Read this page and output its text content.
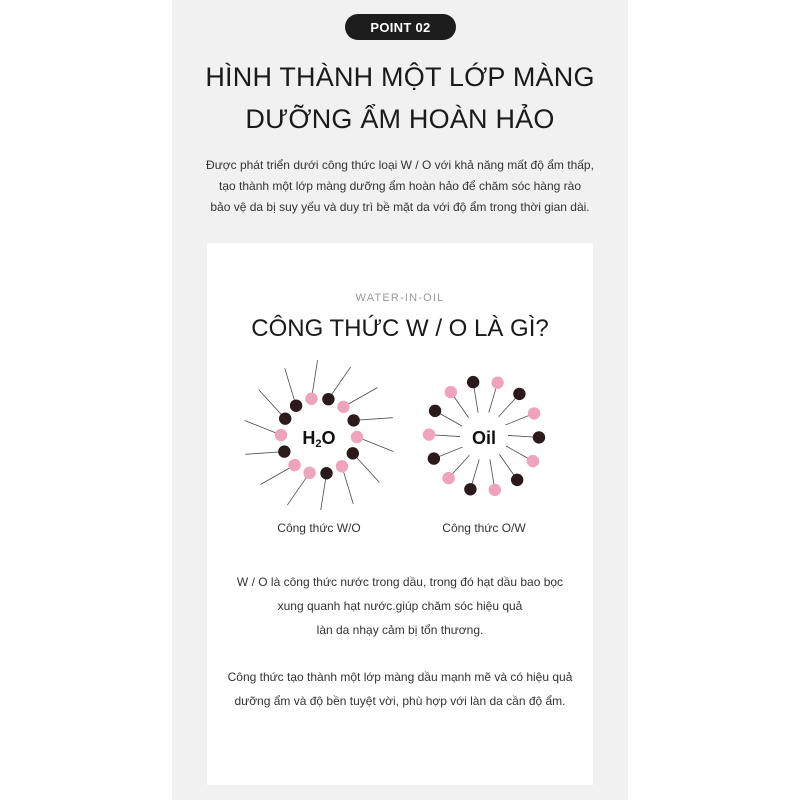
POINT 02
HÌNH THÀNH MỘT LỚP MÀNG
DƯỠNG ẨM HOÀN HẢO
Được phát triển dưới công thức loại W / O với khả năng mất độ ẩm thấp,
tạo thành một lớp màng dưỡng ẩm hoàn hảo để chăm sóc hàng rào
bảo vệ da bị suy yếu và duy trì bề mặt da với độ ẩm trong thời gian dài.
WATER-IN-OIL
CÔNG THỨC W / O LÀ GÌ?
H2O	Oil
Công thức W/O	Công thức O/W
W / O là công thức nước trong dầu, trong đó hạt dầu bao bọc
xung quanh hạt nước.giúp chăm sóc hiệu quả
làn da nhạy cảm bị tổn thương.
Công thức tạo thành một lớp màng dầu mạnh mẽ và có hiệu quả
dưỡng ẩm và độ bền tuyệt vời, phù hợp với làn da cần độ ẩm.
